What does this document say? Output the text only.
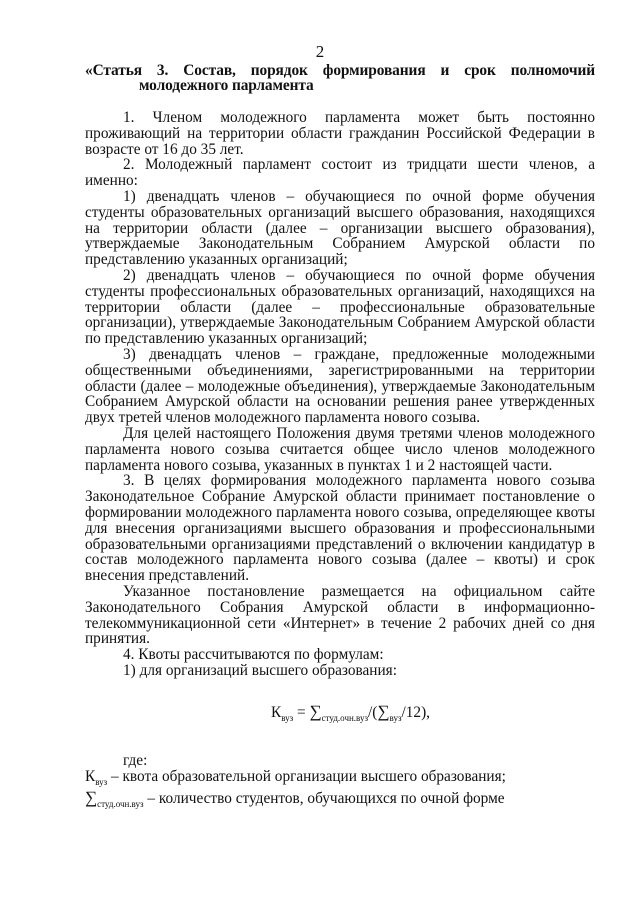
2
«Статья 3. Состав, порядок формирования и срок полномочий
молодежного парламента

1. Членом молодежного парламента может быть постоянно проживающий на территории области гражданин Российской Федерации в возрасте от 16 до 35 лет.

2. Молодежный парламент состоит из тридцати шести членов, а именно:

1) двенадцать членов – обучающиеся по очной форме обучения студенты образовательных организаций высшего образования, находящихся на территории области (далее – организации высшего образования), утверждаемые Законодательным Собранием Амурской области по представлению указанных организаций;

2) двенадцать членов – обучающиеся по очной форме обучения студенты профессиональных образовательных организаций, находящихся на территории области (далее – профессиональные образовательные организации), утверждаемые Законодательным Собранием Амурской области по представлению указанных организаций;

3) двенадцать членов – граждане, предложенные молодежными общественными объединениями, зарегистрированными на территории области (далее – молодежные объединения), утверждаемые Законодательным Собранием Амурской области на основании решения ранее утвержденных двух третей членов молодежного парламента нового созыва.

Для целей настоящего Положения двумя третями членов молодежного парламента нового созыва считается общее число членов молодежного парламента нового созыва, указанных в пунктах 1 и 2 настоящей части.

3. В целях формирования молодежного парламента нового созыва Законодательное Собрание Амурской области принимает постановление о формировании молодежного парламента нового созыва, определяющее квоты для внесения организациями высшего образования и профессиональными образовательными организациями представлений о включении кандидатур в состав молодежного парламента нового созыва (далее – квоты) и срок внесения представлений.

Указанное постановление размещается на официальном сайте Законодательного Собрания Амурской области в информационно-телекоммуникационной сети «Интернет» в течение 2 рабочих дней со дня принятия.

4. Квоты рассчитываются по формулам:

1) для организаций высшего образования:

$К_{вуз} = \sum_{студ.очн.вуз}/(\sum_{вуз}/12)$,

где:

$К_{вуз}$ – квота образовательной организации высшего образования;

$\sum_{студ.очн.вуз}$ – количество студентов, обучающихся по очной форме
